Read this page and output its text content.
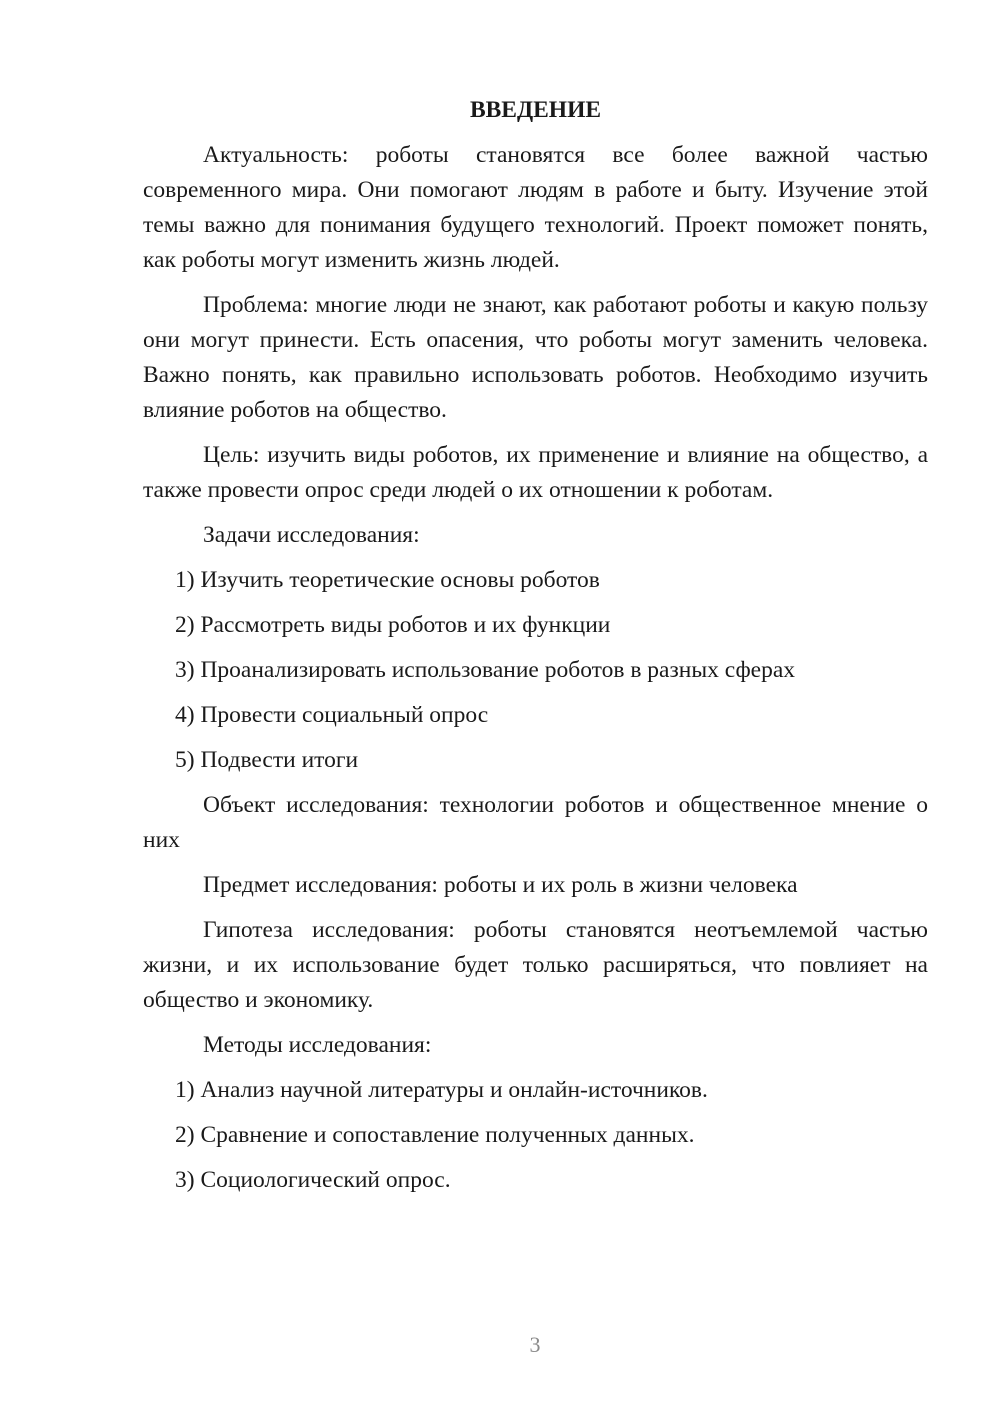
ВВЕДЕНИЕ

Актуальность: роботы становятся все более важной частью современного мира. Они помогают людям в работе и быту. Изучение этой темы важно для понимания будущего технологий. Проект поможет понять, как роботы могут изменить жизнь людей.

Проблема: многие люди не знают, как работают роботы и какую пользу они могут принести. Есть опасения, что роботы могут заменить человека. Важно понять, как правильно использовать роботов. Необходимо изучить влияние роботов на общество.

Цель: изучить виды роботов, их применение и влияние на общество, а также провести опрос среди людей о их отношении к роботам.

Задачи исследования:

1) Изучить теоретические основы роботов

2) Рассмотреть виды роботов и их функции

3) Проанализировать использование роботов в разных сферах

4) Провести социальный опрос

5) Подвести итоги

Объект исследования: технологии роботов и общественное мнение о них

Предмет исследования: роботы и их роль в жизни человека

Гипотеза исследования: роботы становятся неотъемлемой частью жизни, и их использование будет только расширяться, что повлияет на общество и экономику.

Методы исследования:

1) Анализ научной литературы и онлайн-источников.

2) Сравнение и сопоставление полученных данных.

3) Социологический опрос.

3
